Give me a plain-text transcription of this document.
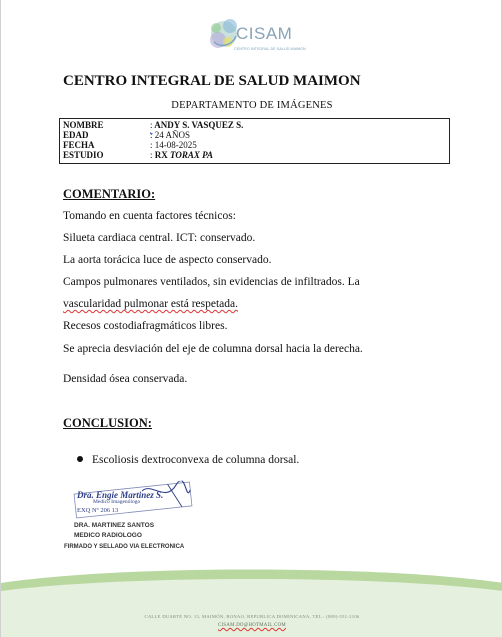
CISAM
CENTRO INTEGRAL DE SALUD MAIMON
CENTRO INTEGRAL DE SALUD MAIMON
DEPARTAMENTO DE IMÁGENES
NOMBRE	: ANDY S. VASQUEZ S.
EDAD	: 24 AÑOS
FECHA	: 14-08-2025
ESTUDIO	: RX TORAX PA
COMENTARIO:
Tomando en cuenta factores técnicos:
Silueta cardiaca central. ICT: conservado.
La aorta torácica luce de aspecto conservado.
Campos pulmonares ventilados, sin evidencias de infiltrados. La
vascularidad pulmonar está respetada.
Recesos costodiafragmáticos libres.
Se aprecia desviación del eje de columna dorsal hacia la derecha.
Densidad ósea conservada.
CONCLUSION:
Escoliosis dextroconvexa de columna dorsal.
Dra. Engie Martinez S.
Medico Imagenólogo
EXQ Nº 206 13
DRA. MARTINEZ SANTOS
MEDICO RADIOLOGO
FIRMADO Y SELLADO VIA ELECTRONICA
CALLE DUARTE NO. 15, MAIMÓN, BONAO, REPUBLICA DOMINICANA, TEL.: (809)-551-2106
CISAM.DO@HOTMAIL.COM
